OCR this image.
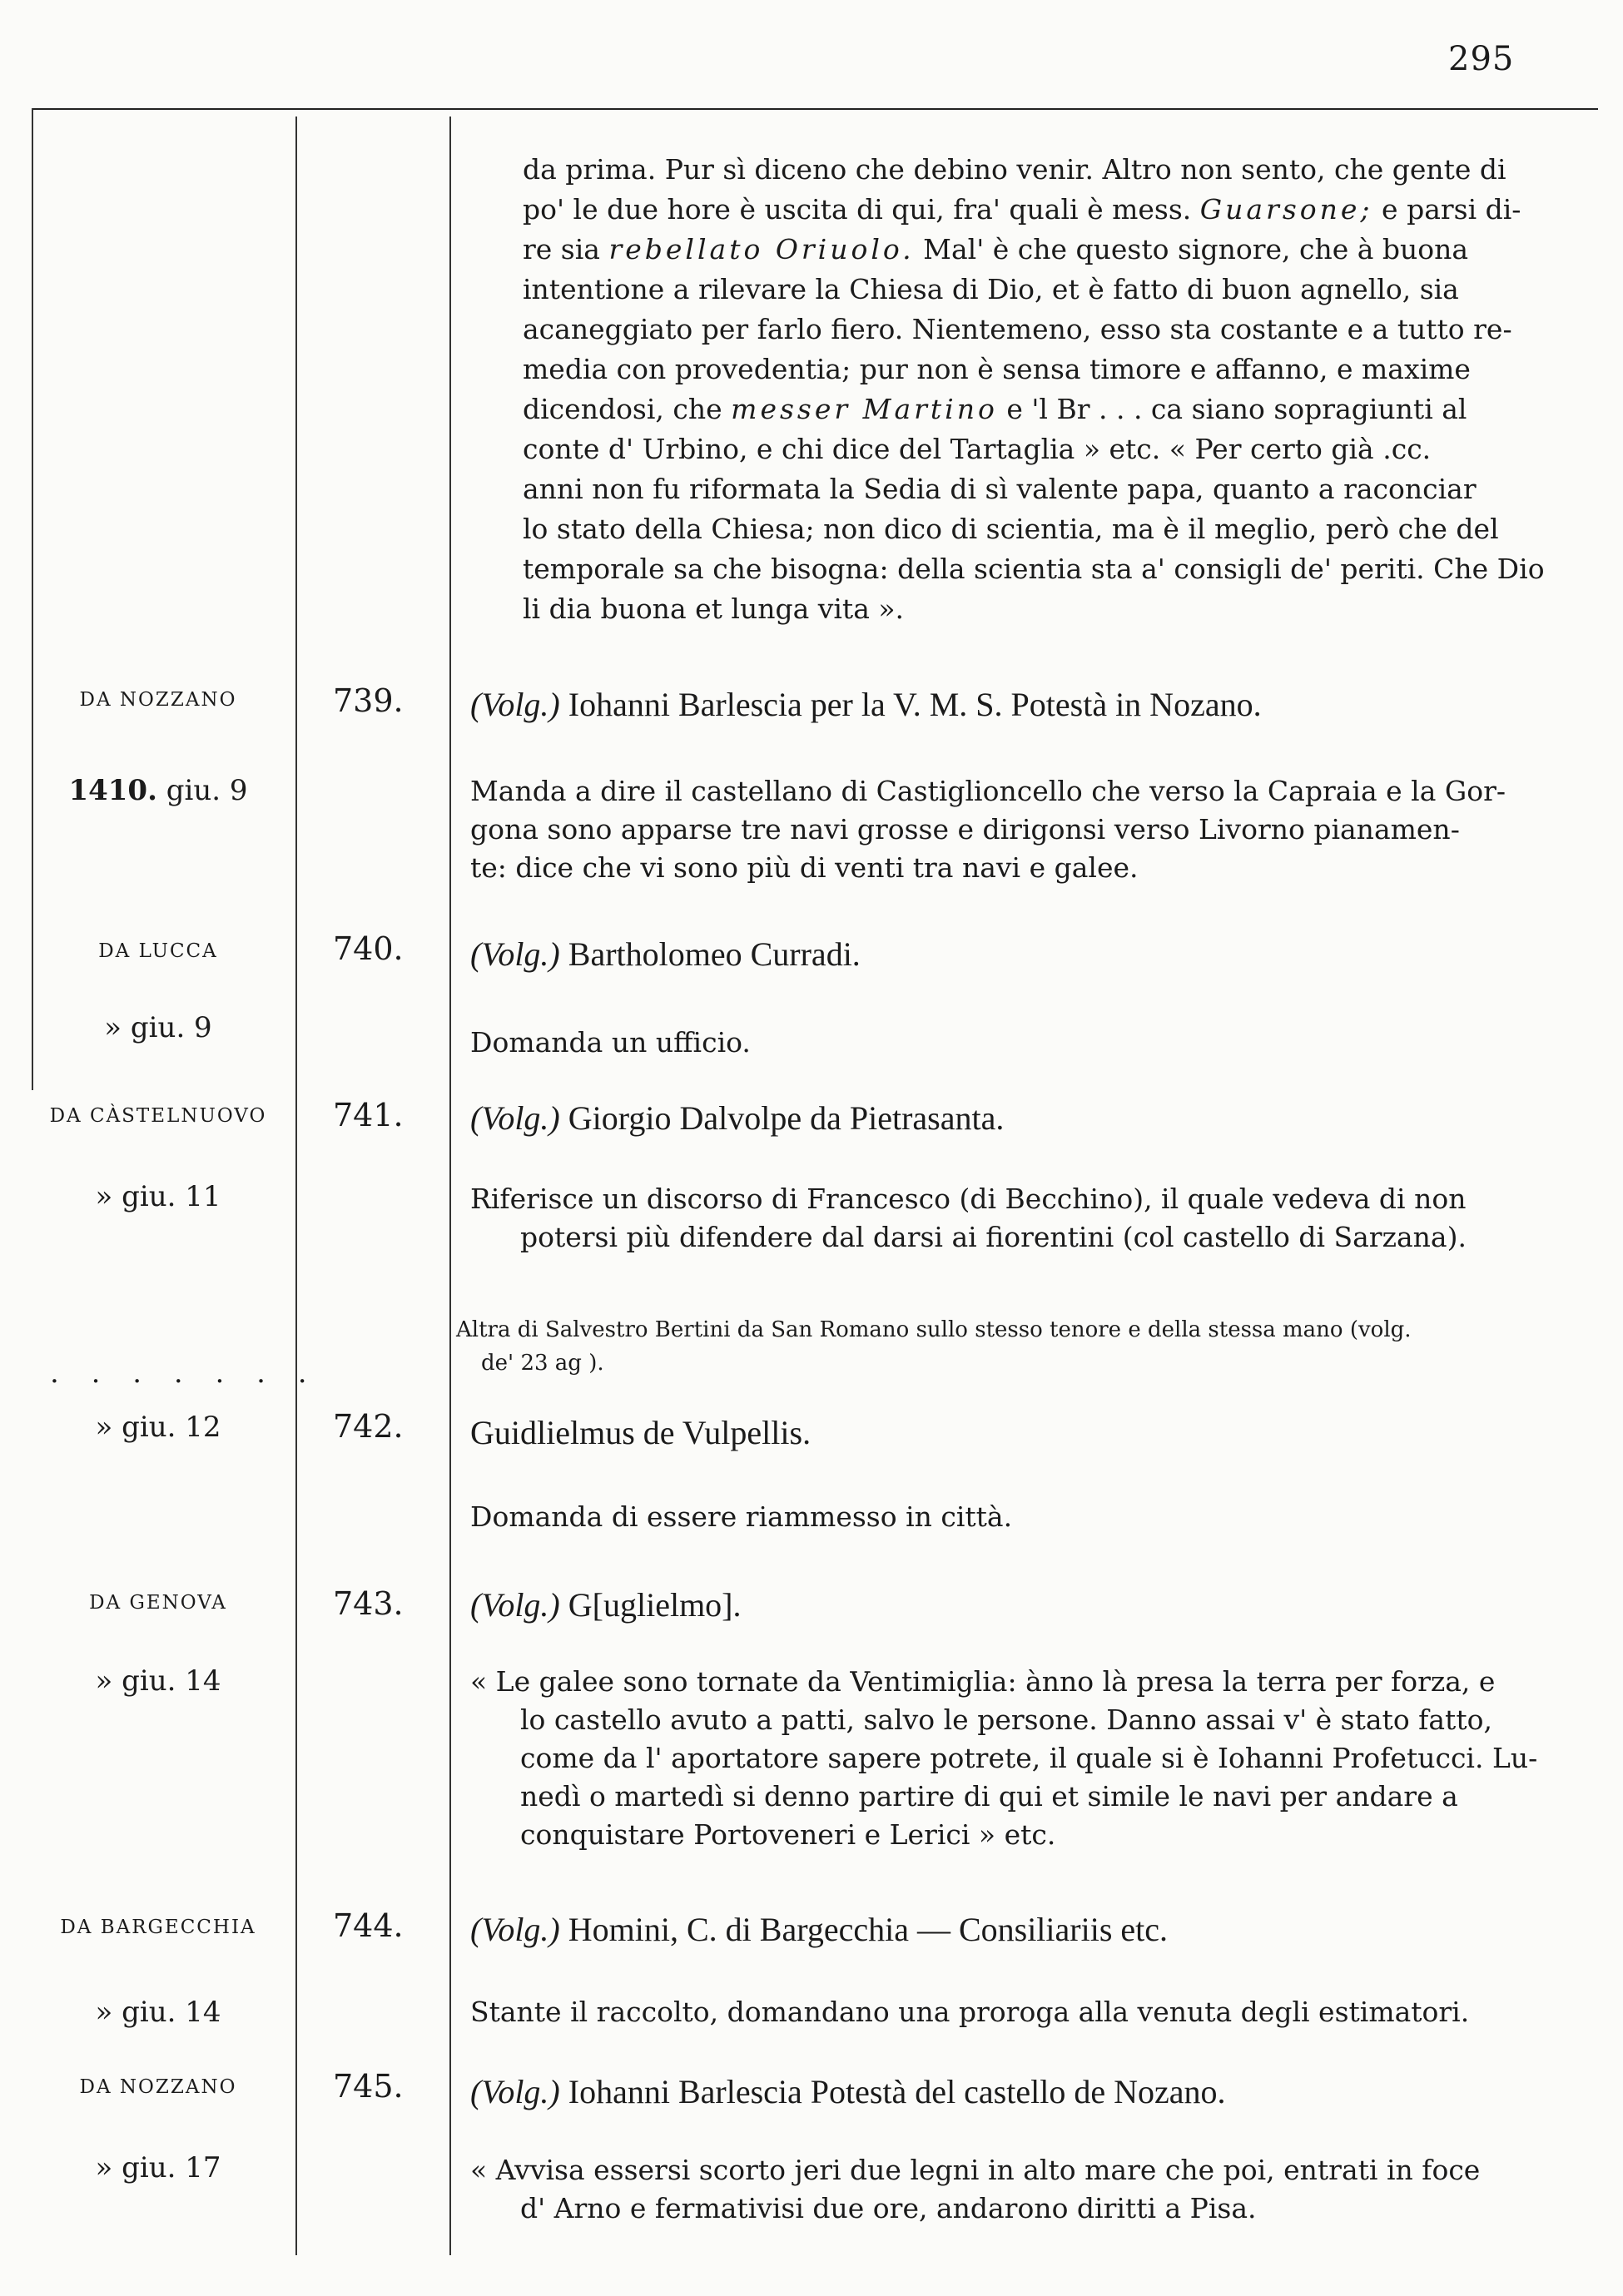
295
da prima. Pur sì diceno che debino venir. Altro non sento, che gente di
po' le due hore è uscita di qui, fra' quali è mess. Guarsone; e parsi di-
re sia rebellato Oriuolo. Mal' è che questo signore, che à buona
intentione a rilevare la Chiesa di Dio, et è fatto di buon agnello, sia
acaneggiato per farlo fiero. Nientemeno, esso sta costante e a tutto re-
media con provedentia; pur non è sensa timore e affanno, e maxime
dicendosi, che messer Martino e 'l Br . . . ca siano sopragiunti al
conte d' Urbino, e chi dice del Tartaglia » etc. « Per certo già .cc.
anni non fu riformata la Sedia di sì valente papa, quanto a raconciar
lo stato della Chiesa; non dico di scientia, ma è il meglio, però che del
temporale sa che bisogna: della scientia sta a' consigli de' periti. Che Dio
li dia buona et lunga vita ».
DA NOZZANO
1410. giu. 9
739. (Volg.) Iohanni Barlescia per la V. M. S. Potestà in Nozano.
Manda a dire il castellano di Castiglioncello che verso la Capraia e la Gor-
gona sono apparse tre navi grosse e dirigonsi verso Livorno pianamen-
te: dice che vi sono più di venti tra navi e galee.
DA LUCCA
» giu. 9
740. (Volg.) Bartholomeo Curradi.
Domanda un ufficio.
DA CÀSTELNUOVO
» giu. 11
741. (Volg.) Giorgio Dalvolpe da Pietrasanta.
Riferisce un discorso di Francesco (di Becchino), il quale vedeva di non
potersi più difendere dal darsi ai fiorentini (col castello di Sarzana).
Altra di Salvestro Bertini da San Romano sullo stesso tenore e della stessa mano (volg.
de' 23 ag ).
. . . . . . .
» giu. 12	742. Guidlielmus de Vulpellis.
Domanda di essere riammesso in città.
DA GENOVA
» giu. 14
743. (Volg.) G[uglielmo].
« Le galee sono tornate da Ventimiglia: ànno là presa la terra per forza, e
lo castello avuto a patti, salvo le persone. Danno assai v' è stato fatto,
come da l' aportatore sapere potrete, il quale si è Iohanni Profetucci. Lu-
nedì o martedì si denno partire di qui et simile le navi per andare a
conquistare Portoveneri e Lerici » etc.
DA BARGECCHIA
» giu. 14
744. (Volg.) Homini, C. di Bargecchia — Consiliariis etc.
Stante il raccolto, domandano una proroga alla venuta degli estimatori.
DA NOZZANO
» giu. 17
745. (Volg.) Iohanni Barlescia Potestà del castello de Nozano.
« Avvisa essersi scorto jeri due legni in alto mare che poi, entrati in foce
d' Arno e fermativisi due ore, andarono diritti a Pisa.
